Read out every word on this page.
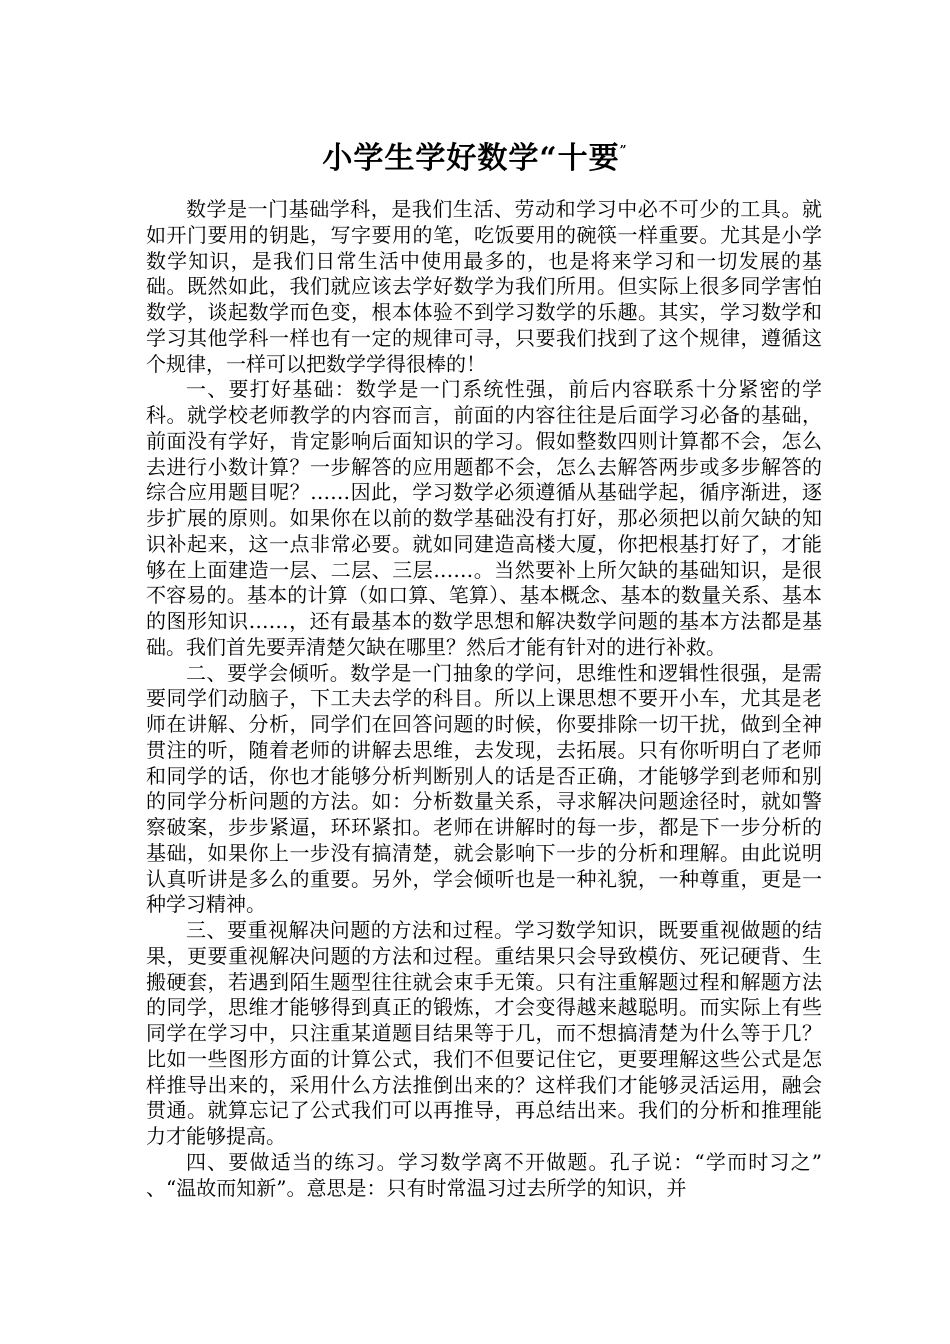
小学生学好数学“十要”

数学是一门基础学科，是我们生活、劳动和学习中必不可少的工具。就如开门要用的钥匙，写字要用的笔，吃饭要用的碗筷一样重要。尤其是小学数学知识，是我们日常生活中使用最多的，也是将来学习和一切发展的基础。既然如此，我们就应该去学好数学为我们所用。但实际上很多同学害怕数学，谈起数学而色变，根本体验不到学习数学的乐趣。其实，学习数学和学习其他学科一样也有一定的规律可寻，只要我们找到了这个规律，遵循这个规律，一样可以把数学学得很棒的！

一、要打好基础：数学是一门系统性强，前后内容联系十分紧密的学科。就学校老师教学的内容而言，前面的内容往往是后面学习必备的基础，前面没有学好，肯定影响后面知识的学习。假如整数四则计算都不会，怎么去进行小数计算？一步解答的应用题都不会，怎么去解答两步或多步解答的综合应用题目呢？……因此，学习数学必须遵循从基础学起，循序渐进，逐步扩展的原则。如果你在以前的数学基础没有打好，那必须把以前欠缺的知识补起来，这一点非常必要。就如同建造高楼大厦，你把根基打好了，才能够在上面建造一层、二层、三层……。当然要补上所欠缺的基础知识，是很不容易的。基本的计算（如口算、笔算）、基本概念、基本的数量关系、基本的图形知识……，还有最基本的数学思想和解决数学问题的基本方法都是基础。我们首先要弄清楚欠缺在哪里？然后才能有针对的进行补救。

二、要学会倾听。数学是一门抽象的学问，思维性和逻辑性很强，是需要同学们动脑子，下工夫去学的科目。所以上课思想不要开小车，尤其是老师在讲解、分析，同学们在回答问题的时候，你要排除一切干扰，做到全神贯注的听，随着老师的讲解去思维，去发现，去拓展。只有你听明白了老师和同学的话，你也才能够分析判断别人的话是否正确，才能够学到老师和别的同学分析问题的方法。如：分析数量关系，寻求解决问题途径时，就如警察破案，步步紧逼，环环紧扣。老师在讲解时的每一步，都是下一步分析的基础，如果你上一步没有搞清楚，就会影响下一步的分析和理解。由此说明认真听讲是多么的重要。另外，学会倾听也是一种礼貌，一种尊重，更是一种学习精神。

三、要重视解决问题的方法和过程。学习数学知识，既要重视做题的结果，更要重视解决问题的方法和过程。重结果只会导致模仿、死记硬背、生搬硬套，若遇到陌生题型往往就会束手无策。只有注重解题过程和解题方法的同学，思维才能够得到真正的锻炼，才会变得越来越聪明。而实际上有些同学在学习中，只注重某道题目结果等于几，而不想搞清楚为什么等于几？比如一些图形方面的计算公式，我们不但要记住它，更要理解这些公式是怎样推导出来的，采用什么方法推倒出来的？这样我们才能够灵活运用，融会贯通。就算忘记了公式我们可以再推导，再总结出来。我们的分析和推理能力才能够提高。

四、要做适当的练习。学习数学离不开做题。孔子说：“学而时习之” 、“温故而知新”。意思是：只有时常温习过去所学的知识，并
